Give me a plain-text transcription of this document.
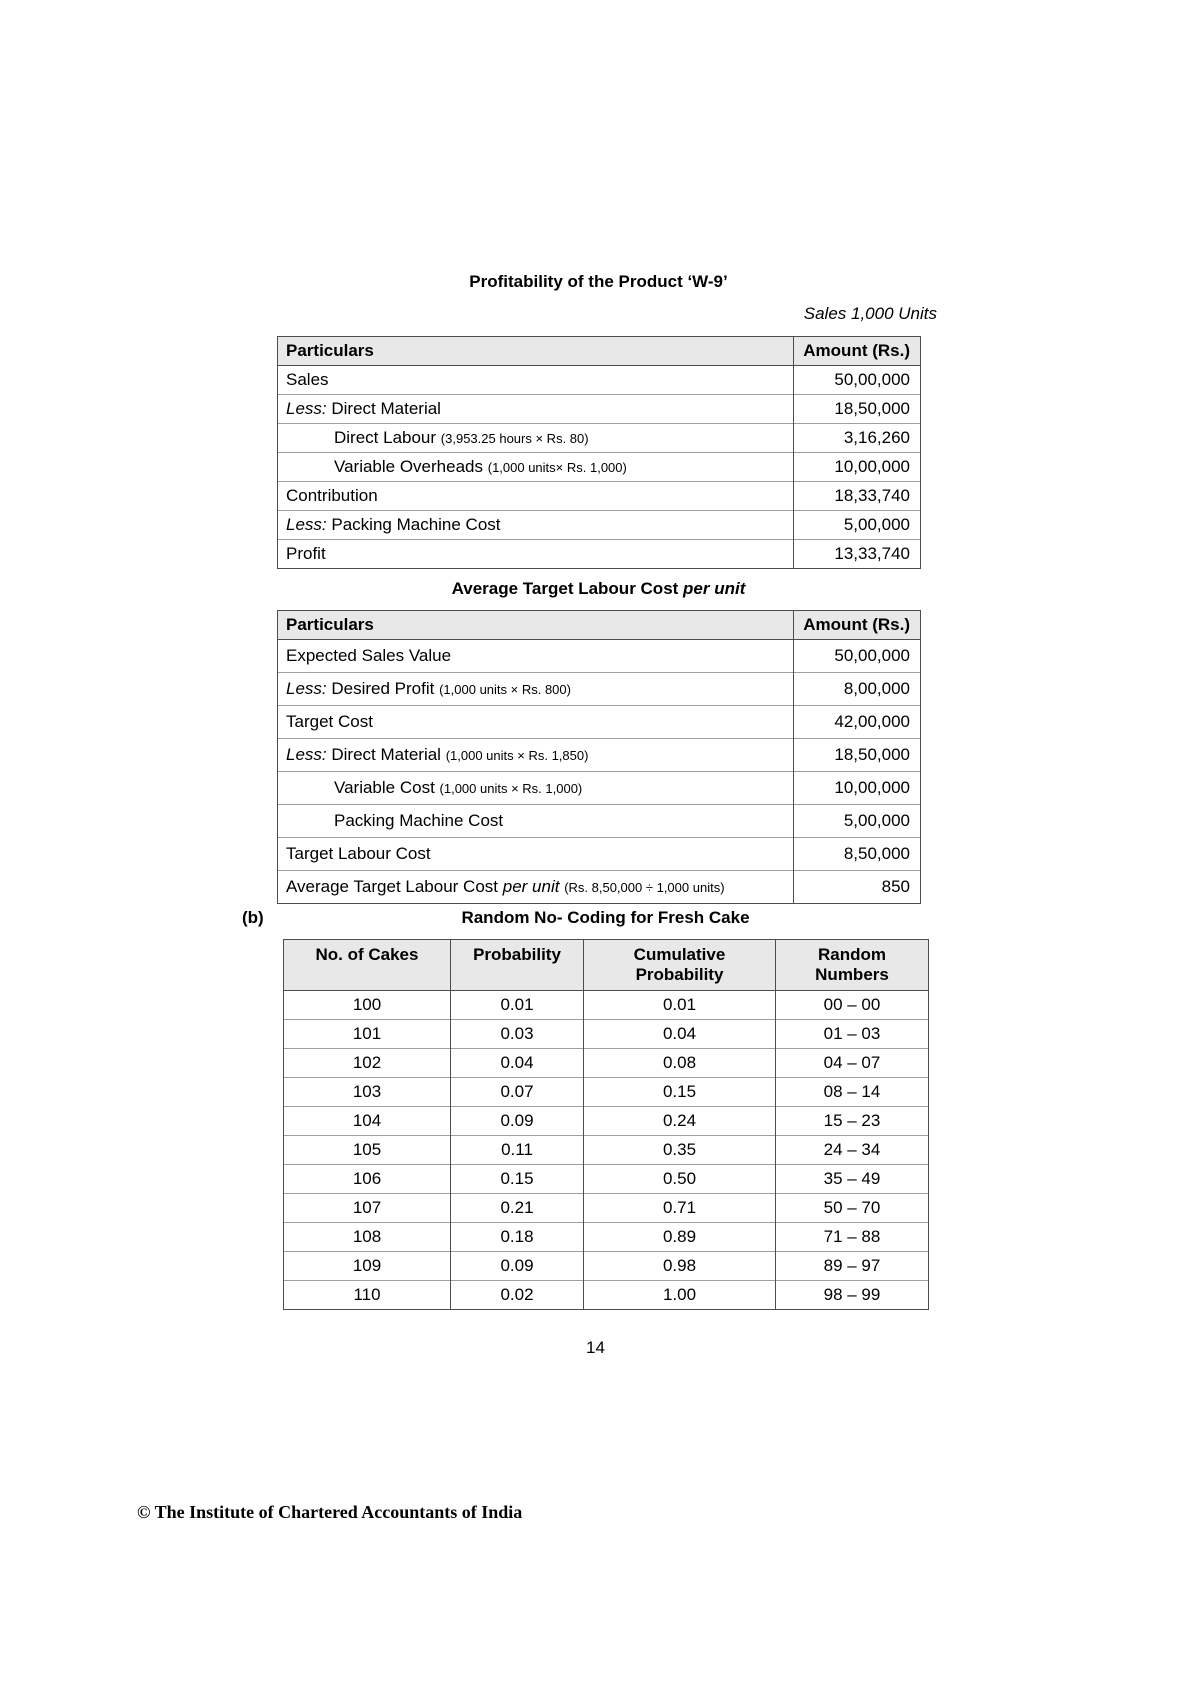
Profitability of the Product ‘W-9’
Sales 1,000 Units
Particulars	Amount (Rs.)
Sales	50,00,000
Less: Direct Material	18,50,000
Direct Labour (3,953.25 hours × Rs. 80)	3,16,260
Variable Overheads (1,000 units× Rs. 1,000)	10,00,000
Contribution	18,33,740
Less: Packing Machine Cost	5,00,000
Profit	13,33,740
Average Target Labour Cost per unit
Particulars	Amount (Rs.)
Expected Sales Value	50,00,000
Less: Desired Profit (1,000 units × Rs. 800)	8,00,000
Target Cost	42,00,000
Less: Direct Material (1,000 units × Rs. 1,850)	18,50,000
Variable Cost (1,000 units × Rs. 1,000)	10,00,000
Packing Machine Cost	5,00,000
Target Labour Cost	8,50,000
Average Target Labour Cost per unit (Rs. 8,50,000 ÷ 1,000 units)	850
(b)	Random No- Coding for Fresh Cake
No. of Cakes	Probability	Cumulative Probability	Random Numbers
100	0.01	0.01	00 – 00
101	0.03	0.04	01 – 03
102	0.04	0.08	04 – 07
103	0.07	0.15	08 – 14
104	0.09	0.24	15 – 23
105	0.11	0.35	24 – 34
106	0.15	0.50	35 – 49
107	0.21	0.71	50 – 70
108	0.18	0.89	71 – 88
109	0.09	0.98	89 – 97
110	0.02	1.00	98 – 99
14
© The Institute of Chartered Accountants of India
